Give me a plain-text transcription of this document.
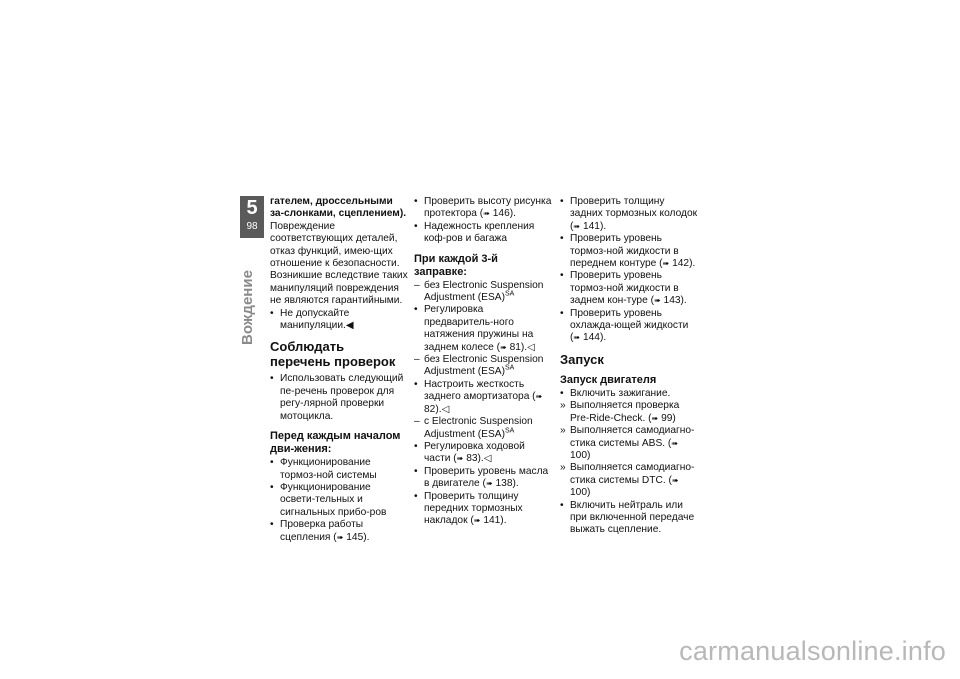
5
98
Вождение

гателем, дроссельными за-слонками, сцеплением).

Повреждение соответствующих деталей, отказ функций, имею-щих отношение к безопасности. Возникшие вследствие таких манипуляций повреждения не являются гарантийными.

• Не допускайте манипуляции.◀
Соблюдать перечень проверок
• Использовать следующий пе-речень проверок для регу-лярной проверки мотоцикла.
Перед каждым началом дви-жения:
• Функционирование тормоз-ной системы
• Функционирование освети-тельных и сигнальных прибо-ров
• Проверка работы сцепления (➠ 145).
• Проверить высоту рисунка протектора (➠ 146).
• Надежность крепления коф-ров и багажа
При каждой 3-й заправке:
– без Electronic Suspension Adjustment (ESA)$^{SA}$
• Регулировка предваритель-ного натяжения пружины на заднем колесе (➠ 81).◁
– без Electronic Suspension Adjustment (ESA)$^{SA}$
• Настроить жесткость заднего амортизатора (➠ 82).◁
– с Electronic Suspension Adjustment (ESA)$^{SA}$
• Регулировка ходовой части (➠ 83).◁
• Проверить уровень масла в двигателе (➠ 138).
• Проверить толщину передних тормозных накладок (➠ 141).
• Проверить толщину задних тормозных колодок (➠ 141).
• Проверить уровень тормоз-ной жидкости в переднем контуре (➠ 142).
• Проверить уровень тормоз-ной жидкости в заднем кон-туре (➠ 143).
• Проверить уровень охлажда-ющей жидкости (➠ 144).
Запуск
Запуск двигателя
• Включить зажигание.
» Выполняется проверка Pre-Ride-Check. (➠ 99)
» Выполняется самодиагно-стика системы ABS. (➠ 100)
» Выполняется самодиагно-стика системы DTC. (➠ 100)
• Включить нейтраль или при включенной передаче выжать сцепление.
carmanualsonline.info
